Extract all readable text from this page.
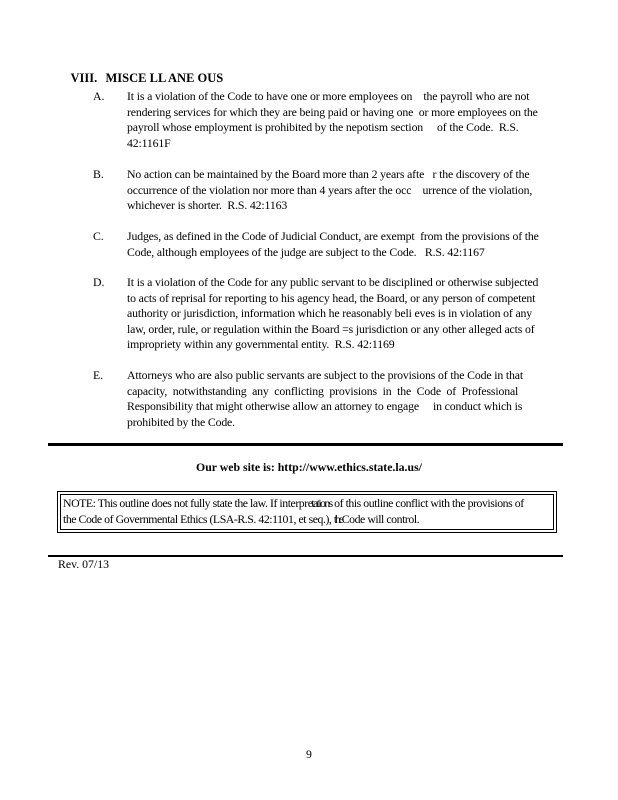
VIII. MISCE LL ANE OUS

A. It is a violation of the Code to have one or more employees on    the payroll who are not
rendering services for which they are being paid or having one  or more employees on the
payroll whose employment is prohibited by the nepotism section     of the Code.  R.S.
42:1161F
B. No action can be maintained by the Board more than 2 years afte   r the discovery of the
occurrence of the violation nor more than 4 years after the occ    urrence of the violation,
whichever is shorter.  R.S. 42:1163
C. Judges, as defined in the Code of Judicial Conduct, are exempt  from the provisions of the
Code, although employees of the judge are subject to the Code.   R.S. 42:1167
D. It is a violation of the Code for any public servant to be disciplined or otherwise subjected
to acts of reprisal for reporting to his agency head, the Board, or any person of competent
authority or jurisdiction, information which he reasonably beli eves is in violation of any
law, order, rule, or regulation within the Board =s jurisdiction or any other alleged acts of
impropriety within any governmental entity.  R.S. 42:1169
E. Attorneys who are also public servants are subject to the provisions of the Code in that
capacity,  notwithstanding  any  conflicting  provisions  in  the  Code  of  Professional
Responsibility that might otherwise allow an attorney to engage     in conduct which is
prohibited by the Code.
Our web site is: http://www.ethics.state.la.us/
NOTE: This outline does not fully state the law. If interpretations of this outline conflict with the provisions of
the Code of Governmental Ethics (LSA-R.S. 42:1101, et seq.), theCode will control.
Rev. 07/13
9
